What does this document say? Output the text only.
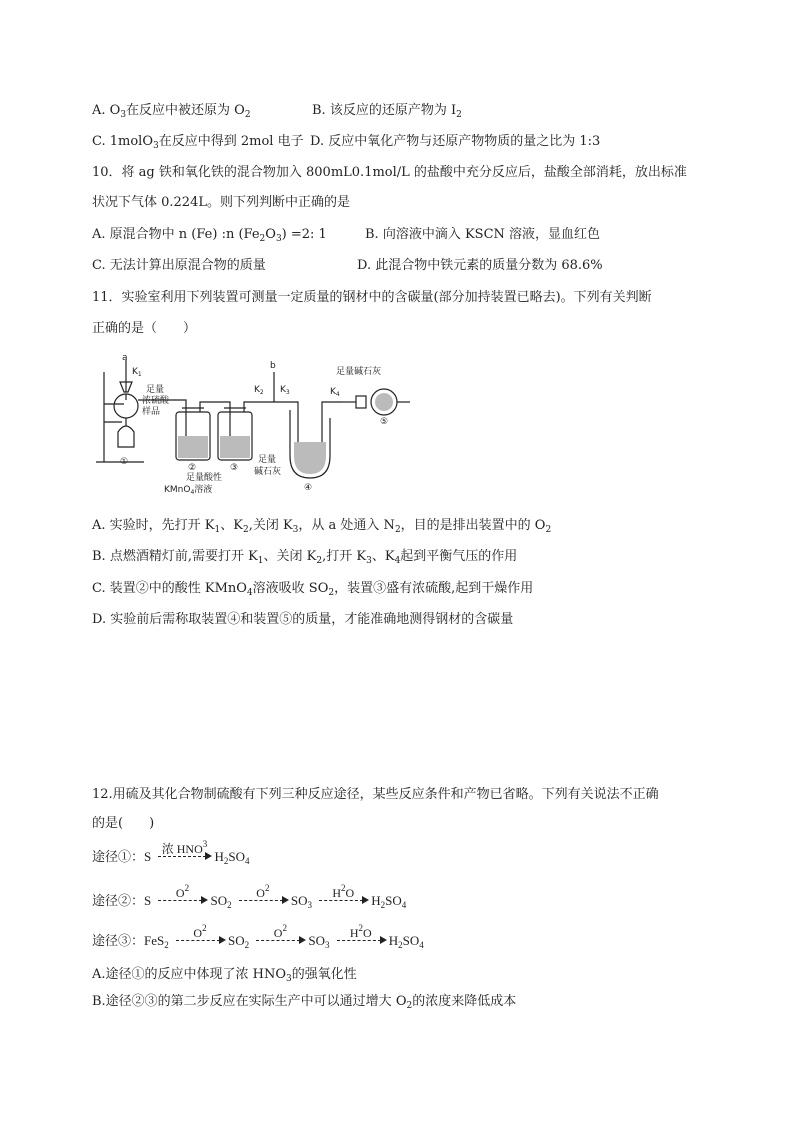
A. $O_3$在反应中被还原为 $O_2$	B. 该反应的还原产物为 $I_2$
C. 1molO$_3$在反应中得到 2mol 电子 D. 反应中氧化产物与还原产物物质的量之比为 1:3
10．将 ag 铁和氧化铁的混合物加入 800mL0.1mol/L 的盐酸中充分反应后，盐酸全部消耗，放出标准
状况下气体 0.224L。则下列判断中正确的是
A. 原混合物中 n (Fe) :n $(Fe_2O_3) =2$: 1	B. 向溶液中滴入 KSCN 溶液，显血红色
C. 无法计算出原混合物的质量	D. 此混合物中铁元素的质量分数为 68.6%
11．实验室利用下列装置可测量一定质量的钢材中的含碳量(部分加持装置已略去)。下列有关判断
正确的是（　　）
a
$K_1$
b
$K_2$ $K_3$	$K_4$
足量
浓硫酸
样品
足量酸性
KMnO$_4$溶液
足量碱石灰
足量
碱石灰
①
②	③
④
⑤
A. 实验时，先打开 $K_1$、$K_2$,关闭 $K_3$，从 a 处通入 $N_2$，目的是排出装置中的 $O_2$
B. 点燃酒精灯前,需要打开 $K_1$、关闭 $K_2$,打开 $K_3$、$K_4$起到平衡气压的作用
C. 装置②中的酸性 KMnO$_4$溶液吸收 $SO_2$，装置③盛有浓硫酸,起到干燥作用
D. 实验前后需称取装置④和装置⑤的质量，才能准确地测得钢材的含碳量
12.用硫及其化合物制硫酸有下列三种反应途径，某些反应条件和产物已省略。下列有关说法不正确
的是(　　)
途径①：S 浓 HNO$^3$
$H_2SO_4$
途径②：S	$O^2$
$SO_2$
$O^2$
$SO_3$
$H^2O$	$H_2SO_4$
途径③：FeS$_2$
$O^2$
$SO_2$
$O^2$
$SO_3$
$H^2O$	$H_2SO_4$
A.途径①的反应中体现了浓 $HNO_3$的强氧化性
B.途径②③的第二步反应在实际生产中可以通过增大 $O_2$的浓度来降低成本
